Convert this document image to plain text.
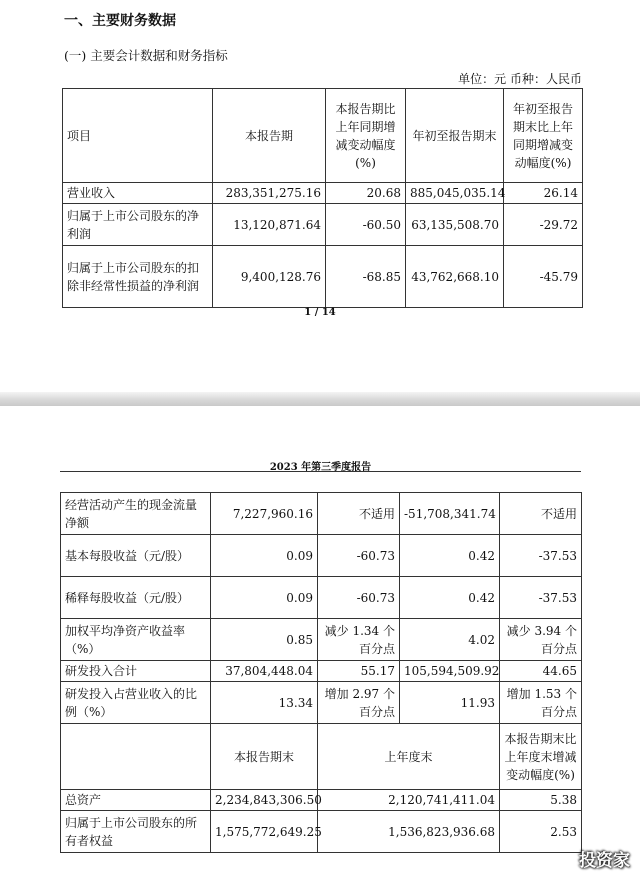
一、主要财务数据
(一) 主要会计数据和财务指标
单位：元 币种：人民币
项目	本报告期	本报告期比上年同期增减变动幅度(%)	年初至报告期末	年初至报告期末比上年同期增减变动幅度(%)
营业收入	283,351,275.16	20.68	885,045,035.14	26.14
归属于上市公司股东的净利润	13,120,871.64	-60.50	63,135,508.70	-29.72
归属于上市公司股东的扣除非经常性损益的净利润	9,400,128.76	-68.85	43,762,668.10	-45.79
1 / 14
2023 年第三季度报告
经营活动产生的现金流量净额	7,227,960.16	不适用	-51,708,341.74	不适用
基本每股收益（元/股）	0.09	-60.73	0.42	-37.53
稀释每股收益（元/股）	0.09	-60.73	0.42	-37.53
加权平均净资产收益率（%）	0.85	减少 1.34 个百分点	4.02	减少 3.94 个百分点
研发投入合计	37,804,448.04	55.17	105,594,509.92	44.65
研发投入占营业收入的比例（%）	13.34	增加 2.97 个百分点	11.93	增加 1.53 个百分点
	本报告期末	上年度末		本报告期末比上年度末增减变动幅度(%)
总资产	2,234,843,306.50	2,120,741,411.04		5.38
归属于上市公司股东的所有者权益	1,575,772,649.25	1,536,823,936.68		2.53
投资家
